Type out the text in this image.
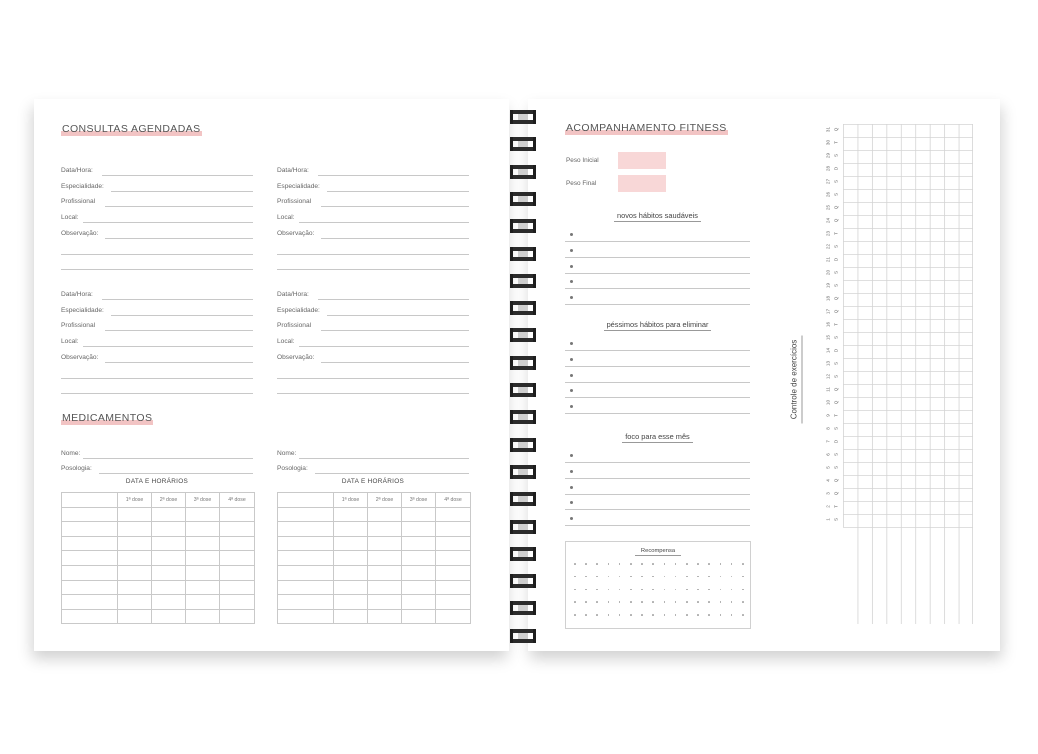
CONSULTAS AGENDADAS
Data/Hora:
Especialidade:
Profissional
Local:
Observação:
Data/Hora:
Especialidade:
Profissional
Local:
Observação:
Data/Hora:
Especialidade:
Profissional
Local:
Observação:
Data/Hora:
Especialidade:
Profissional
Local:
Observação:
MEDICAMENTOS
Nome:
Posologia:
DATA E HORÁRIOS
	1ª dose	2ª dose	3ª dose	4ª dose

Nome:
Posologia:
DATA E HORÁRIOS
	1ª dose	2ª dose	3ª dose	4ª dose

ACOMPANHAMENTO FITNESS
Peso Inicial
Peso Final
novos hábitos saudáveis
péssimos hábitos para eliminar
foco para esse mês
Recompensa
Controle de exercícios
31 Q
30 T
29 S
28 D
27 S
26 S
25 Q
24 Q
23 T
22 S
21 D
20 S
19 S
18 Q
17 Q
16 T
15 S
14 D
13 S
12 S
11 Q
10 Q
9 T
8 S
7 D
6 S
5 S
4 Q
3 Q
2 T
1 S
